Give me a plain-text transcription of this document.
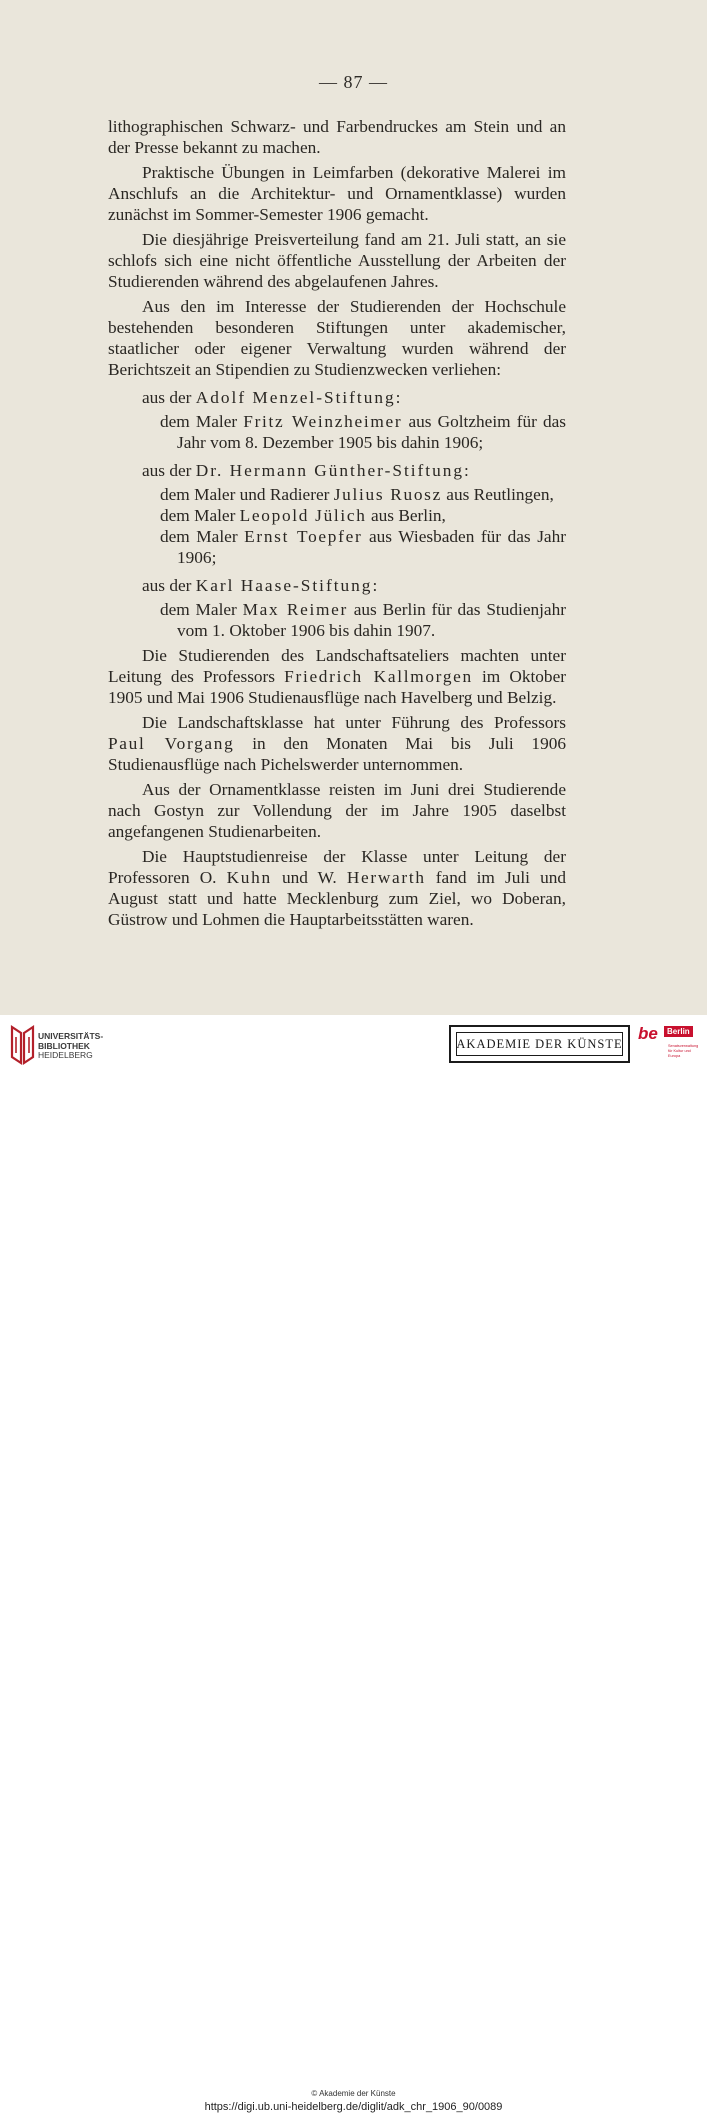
— 87 —

lithographischen Schwarz- und Farbendruckes am Stein und an der Presse bekannt zu machen.

Praktische Übungen in Leimfarben (dekorative Malerei im Anschlufs an die Architektur- und Ornamentklasse) wurden zunächst im Sommer-Semester 1906 gemacht.

Die diesjährige Preisverteilung fand am 21. Juli statt, an sie schlofs sich eine nicht öffentliche Ausstellung der Arbeiten der Studierenden während des abgelaufenen Jahres.

Aus den im Interesse der Studierenden der Hochschule bestehenden besonderen Stiftungen unter akademischer, staatlicher oder eigener Verwaltung wurden während der Berichtszeit an Stipendien zu Studienzwecken verliehen:

aus der Adolf Menzel-Stiftung:

dem Maler Fritz Weinzheimer aus Goltzheim für das Jahr vom 8. Dezember 1905 bis dahin 1906;

aus der Dr. Hermann Günther-Stiftung:

dem Maler und Radierer Julius Ruosz aus Reutlingen,

dem Maler Leopold Jülich aus Berlin,

dem Maler Ernst Toepfer aus Wiesbaden für das Jahr 1906;

aus der Karl Haase-Stiftung:

dem Maler Max Reimer aus Berlin für das Studienjahr vom 1. Oktober 1906 bis dahin 1907.

Die Studierenden des Landschaftsateliers machten unter Leitung des Professors Friedrich Kallmorgen im Oktober 1905 und Mai 1906 Studienausflüge nach Havelberg und Belzig.

Die Landschaftsklasse hat unter Führung des Professors Paul Vorgang in den Monaten Mai bis Juli 1906 Studienausflüge nach Pichelswerder unternommen.

Aus der Ornamentklasse reisten im Juni drei Studierende nach Gostyn zur Vollendung der im Jahre 1905 daselbst angefangenen Studienarbeiten.

Die Hauptstudienreise der Klasse unter Leitung der Professoren O. Kuhn und W. Herwarth fand im Juli und August statt und hatte Mecklenburg zum Ziel, wo Doberan, Güstrow und Lohmen die Hauptarbeitsstätten waren.

UNIVERSITÄTS-
BIBLIOTHEK
HEIDELBERG
© Akademie der Künste
https://digi.ub.uni-heidelberg.de/diglit/adk_chr_1906_90/0089
AKADEMIE DER KÜNSTE
be	Berlin
Senatsverwaltung für Kultur und Europa
